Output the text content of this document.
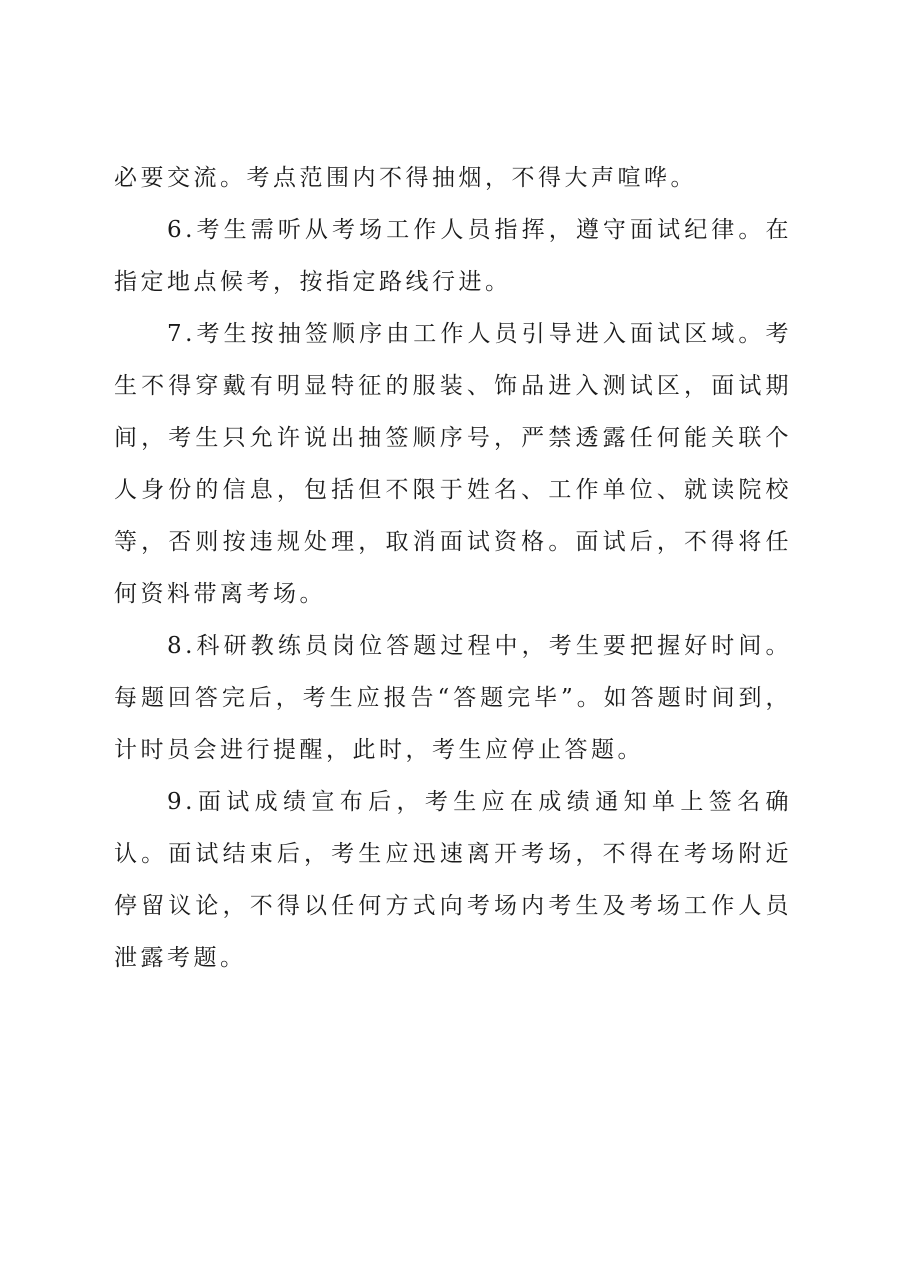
必要交流。考点范围内不得抽烟，不得大声喧哗。

6.考生需听从考场工作人员指挥，遵守面试纪律。在指定地点候考，按指定路线行进。

7.考生按抽签顺序由工作人员引导进入面试区域。考生不得穿戴有明显特征的服装、饰品进入测试区，面试期间，考生只允许说出抽签顺序号，严禁透露任何能关联个人身份的信息，包括但不限于姓名、工作单位、就读院校等，否则按违规处理，取消面试资格。面试后，不得将任何资料带离考场。

8.科研教练员岗位答题过程中，考生要把握好时间。每题回答完后，考生应报告“答题完毕”。如答题时间到，计时员会进行提醒，此时，考生应停止答题。

9.面试成绩宣布后，考生应在成绩通知单上签名确认。面试结束后，考生应迅速离开考场，不得在考场附近停留议论，不得以任何方式向考场内考生及考场工作人员泄露考题。
